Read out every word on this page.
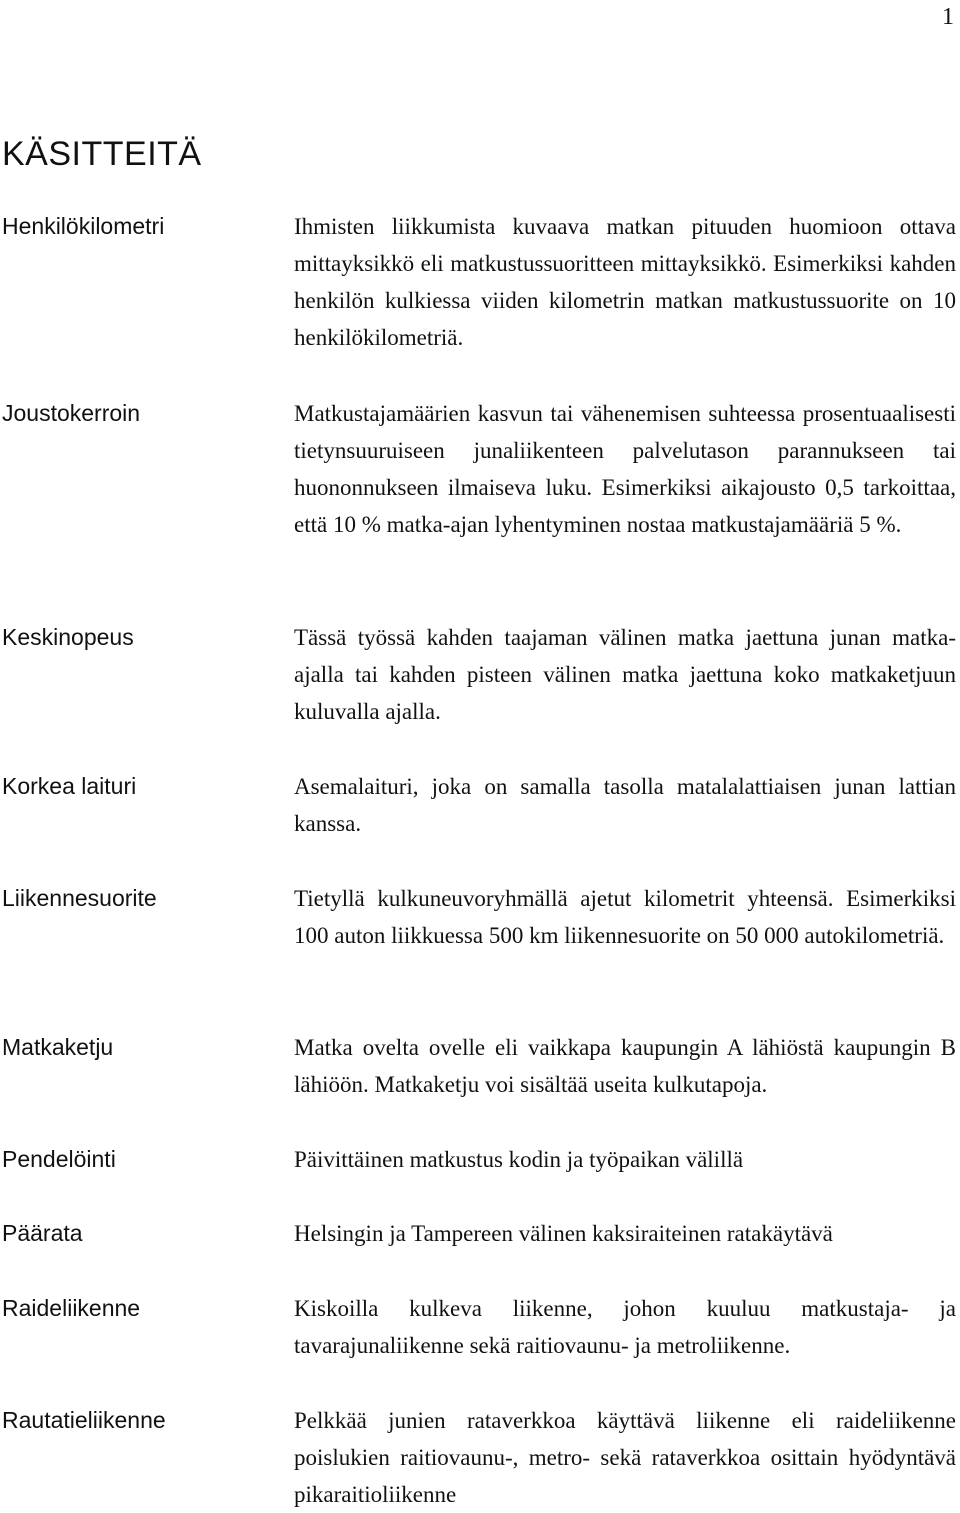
1
KÄSITTEITÄ
Henkilökilometri	Ihmisten liikkumista kuvaava matkan pituuden huomioon ottava mittayksikkö eli matkustussuoritteen mittayksikkö. Esimerkiksi kahden henkilön kulkiessa viiden kilometrin matkan matkustussuorite on 10 henkilökilometriä.

Joustokerroin	Matkustajamäärien kasvun tai vähenemisen suhteessa prosentuaalisesti tietynsuuruiseen junaliikenteen palvelutason parannukseen tai huononnukseen ilmaiseva luku. Esimerkiksi aikajousto 0,5 tarkoittaa, että 10 % matka-ajan lyhentyminen nostaa matkustajamääriä 5 %.

Keskinopeus	Tässä työssä kahden taajaman välinen matka jaettuna junan matka-ajalla tai kahden pisteen välinen matka jaettuna koko matkaketjuun kuluvalla ajalla.

Korkea laituri	Asemalaituri, joka on samalla tasolla matalalattiaisen junan lattian kanssa.

Liikennesuorite	Tietyllä kulkuneuvoryhmällä ajetut kilometrit yhteensä. Esimerkiksi 100 auton liikkuessa 500 km liikennesuorite on 50 000 autokilometriä.

Matkaketju	Matka ovelta ovelle eli vaikkapa kaupungin A lähiöstä kaupungin B lähiöön. Matkaketju voi sisältää useita kulkutapoja.

Pendelöinti	Päivittäinen matkustus kodin ja työpaikan välillä

Päärata	Helsingin ja Tampereen välinen kaksiraiteinen ratakäytävä

Raideliikenne	Kiskoilla kulkeva liikenne, johon kuuluu matkustaja- ja tavarajunaliikenne sekä raitiovaunu- ja metroliikenne.

Rautatieliikenne	Pelkkää junien rataverkkoa käyttävä liikenne eli raideliikenne poislukien raitiovaunu-, metro- sekä rataverkkoa osittain hyödyntävä pikaraitioliikenne
